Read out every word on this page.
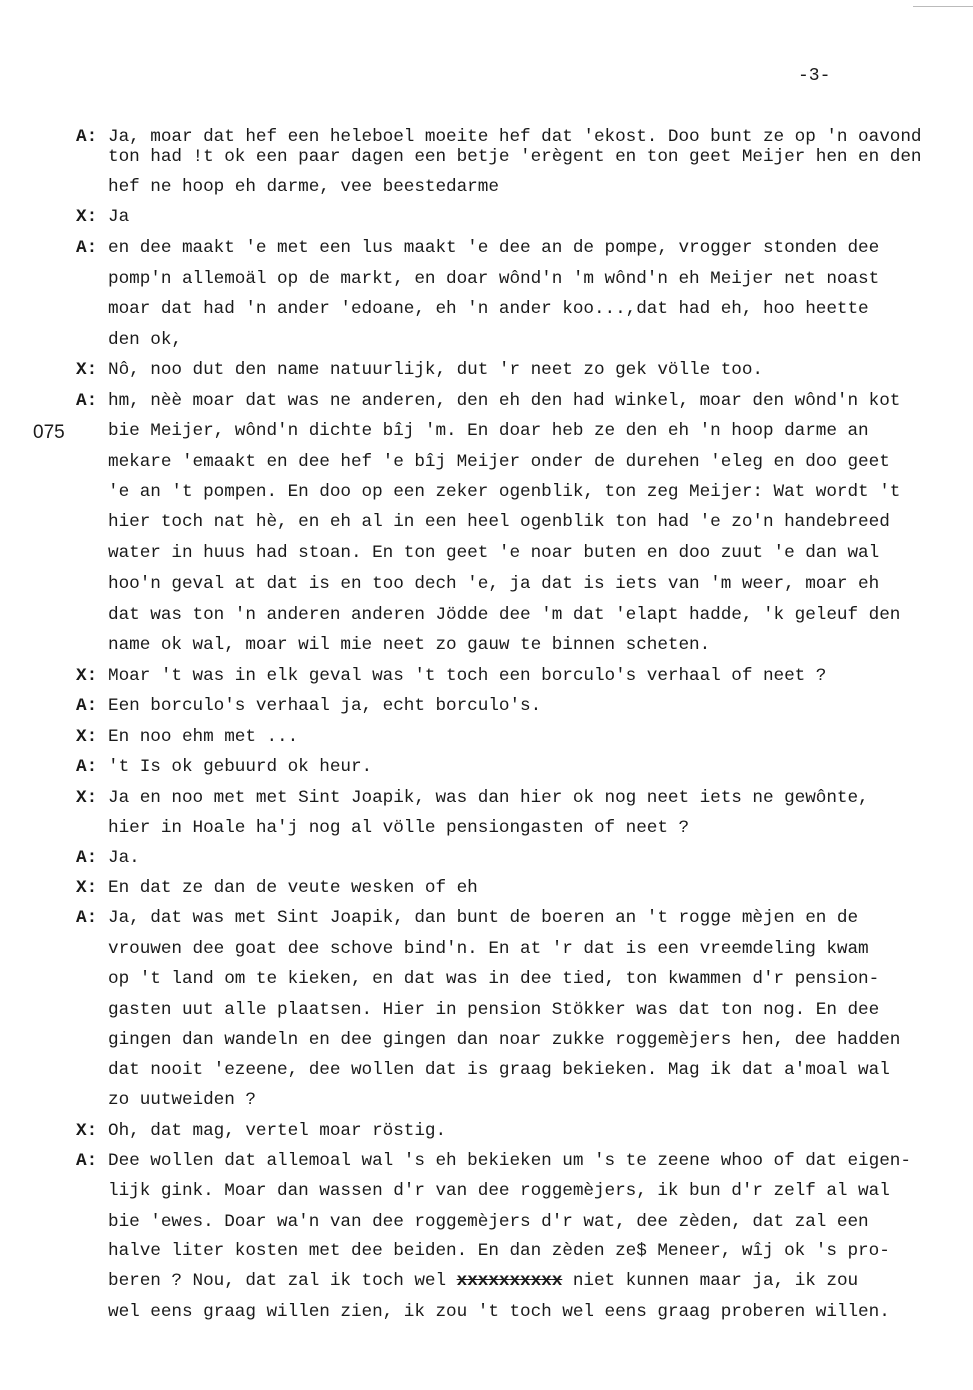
-3-
075
A: Ja, moar dat hef een heleboel moeite hef dat 'ekost. Doo bunt ze op 'n oavond
ton had !t ok een paar dagen een betje 'erègent en ton geet Meijer hen en den
hef ne hoop eh darme, vee beestedarme
X: Ja
A: en dee maakt 'e met een lus maakt 'e dee an de pompe, vrogger stonden dee
pomp'n allemoäl op de markt, en doar wônd'n 'm wônd'n eh Meijer net noast
moar dat had 'n ander 'edoane, eh 'n ander koo...,dat had eh, hoo heette
den ok,
X: Nô, noo dut den name natuurlijk, dut 'r neet zo gek völle too.
A: hm, nèè moar dat was ne anderen, den eh den had winkel, moar den wônd'n kot
bie Meijer, wônd'n dichte bîj 'm. En doar heb ze den eh 'n hoop darme an
mekare 'emaakt en dee hef 'e bîj Meijer onder de durehen 'eleg en doo geet
'e an 't pompen. En doo op een zeker ogenblik, ton zeg Meijer: Wat wordt 't
hier toch nat hè, en eh al in een heel ogenblik ton had 'e zo'n handebreed
water in huus had stoan. En ton geet 'e noar buten en doo zuut 'e dan wal
hoo'n geval at dat is en too dech 'e, ja dat is iets van 'm weer, moar eh
dat was ton 'n anderen anderen Jödde dee 'm dat 'elapt hadde, 'k geleuf den
name ok wal, moar wil mie neet zo gauw te binnen scheten.
X: Moar 't was in elk geval was 't toch een borculo's verhaal of neet ?
A: Een borculo's verhaal ja, echt borculo's.
X: En noo ehm met ...
A: 't Is ok gebuurd ok heur.
X: Ja en noo met met Sint Joapik, was dan hier ok nog neet iets ne gewônte,
hier in Hoale ha'j nog al völle pensiongasten of neet ?
A: Ja.
X: En dat ze dan de veute wesken of eh
A: Ja, dat was met Sint Joapik, dan bunt de boeren an 't rogge mèjen en de
vrouwen dee goat dee schove bind'n. En at 'r dat is een vreemdeling kwam
op 't land om te kieken, en dat was in dee tied, ton kwammen d'r pension-
gasten uut alle plaatsen. Hier in pension Stökker was dat ton nog. En dee
gingen dan wandeln en dee gingen dan noar zukke roggemèjers hen, dee hadden
dat nooit 'ezeene, dee wollen dat is graag bekieken. Mag ik dat a'moal wal
zo uutweiden ?
X: Oh, dat mag, vertel moar röstig.
A: Dee wollen dat allemoal wal 's eh bekieken um 's te zeene whoo of dat eigen-
lijk gink. Moar dan wassen d'r van dee roggemèjers, ik bun d'r zelf al wal
bie 'ewes. Doar wa'n van dee roggemèjers d'r wat, dee zèden, dat zal een
halve liter kosten met dee beiden. En dan zèden ze$ Meneer, wîj ok 's pro-
beren ? Nou, dat zal ik toch wel xxxxxxxxxx niet kunnen maar ja, ik zou
wel eens graag willen zien, ik zou 't toch wel eens graag proberen willen.
